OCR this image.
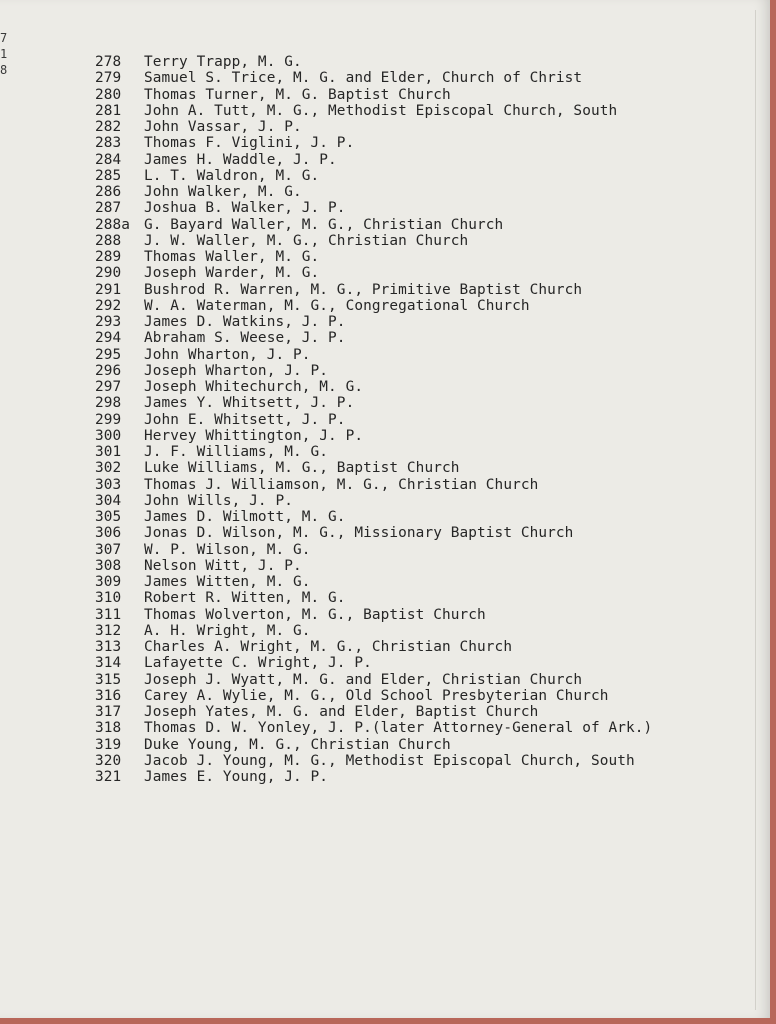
7
1
8	278	Terry Trapp, M. G.
279	Samuel S. Trice, M. G. and Elder, Church of Christ
280	Thomas Turner, M. G. Baptist Church
281	John A. Tutt, M. G., Methodist Episcopal Church, South
282	John Vassar, J. P.
283	Thomas F. Viglini, J. P.
284	James H. Waddle, J. P.
285	L. T. Waldron, M. G.
286	John Walker, M. G.
287	Joshua B. Walker, J. P.
288a G. Bayard Waller, M. G., Christian Church
288	J. W. Waller, M. G., Christian Church
289	Thomas Waller, M. G.
290	Joseph Warder, M. G.
291	Bushrod R. Warren, M. G., Primitive Baptist Church
292	W. A. Waterman, M. G., Congregational Church
293	James D. Watkins, J. P.
294	Abraham S. Weese, J. P.
295	John Wharton, J. P.
296	Joseph Wharton, J. P.
297	Joseph Whitechurch, M. G.
298	James Y. Whitsett, J. P.
299	John E. Whitsett, J. P.
300	Hervey Whittington, J. P.
301	J. F. Williams, M. G.
302	Luke Williams, M. G., Baptist Church
303	Thomas J. Williamson, M. G., Christian Church
304	John Wills, J. P.
305	James D. Wilmott, M. G.
306	Jonas D. Wilson, M. G., Missionary Baptist Church
307	W. P. Wilson, M. G.
308	Nelson Witt, J. P.
309	James Witten, M. G.
310	Robert R. Witten, M. G.
311	Thomas Wolverton, M. G., Baptist Church
312	A. H. Wright, M. G.
313	Charles A. Wright, M. G., Christian Church
314	Lafayette C. Wright, J. P.
315	Joseph J. Wyatt, M. G. and Elder, Christian Church
316	Carey A. Wylie, M. G., Old School Presbyterian Church
317	Joseph Yates, M. G. and Elder, Baptist Church
318	Thomas D. W. Yonley, J. P.(later Attorney-General of Ark.)
319	Duke Young, M. G., Christian Church
320	Jacob J. Young, M. G., Methodist Episcopal Church, South
321	James E. Young, J. P.
